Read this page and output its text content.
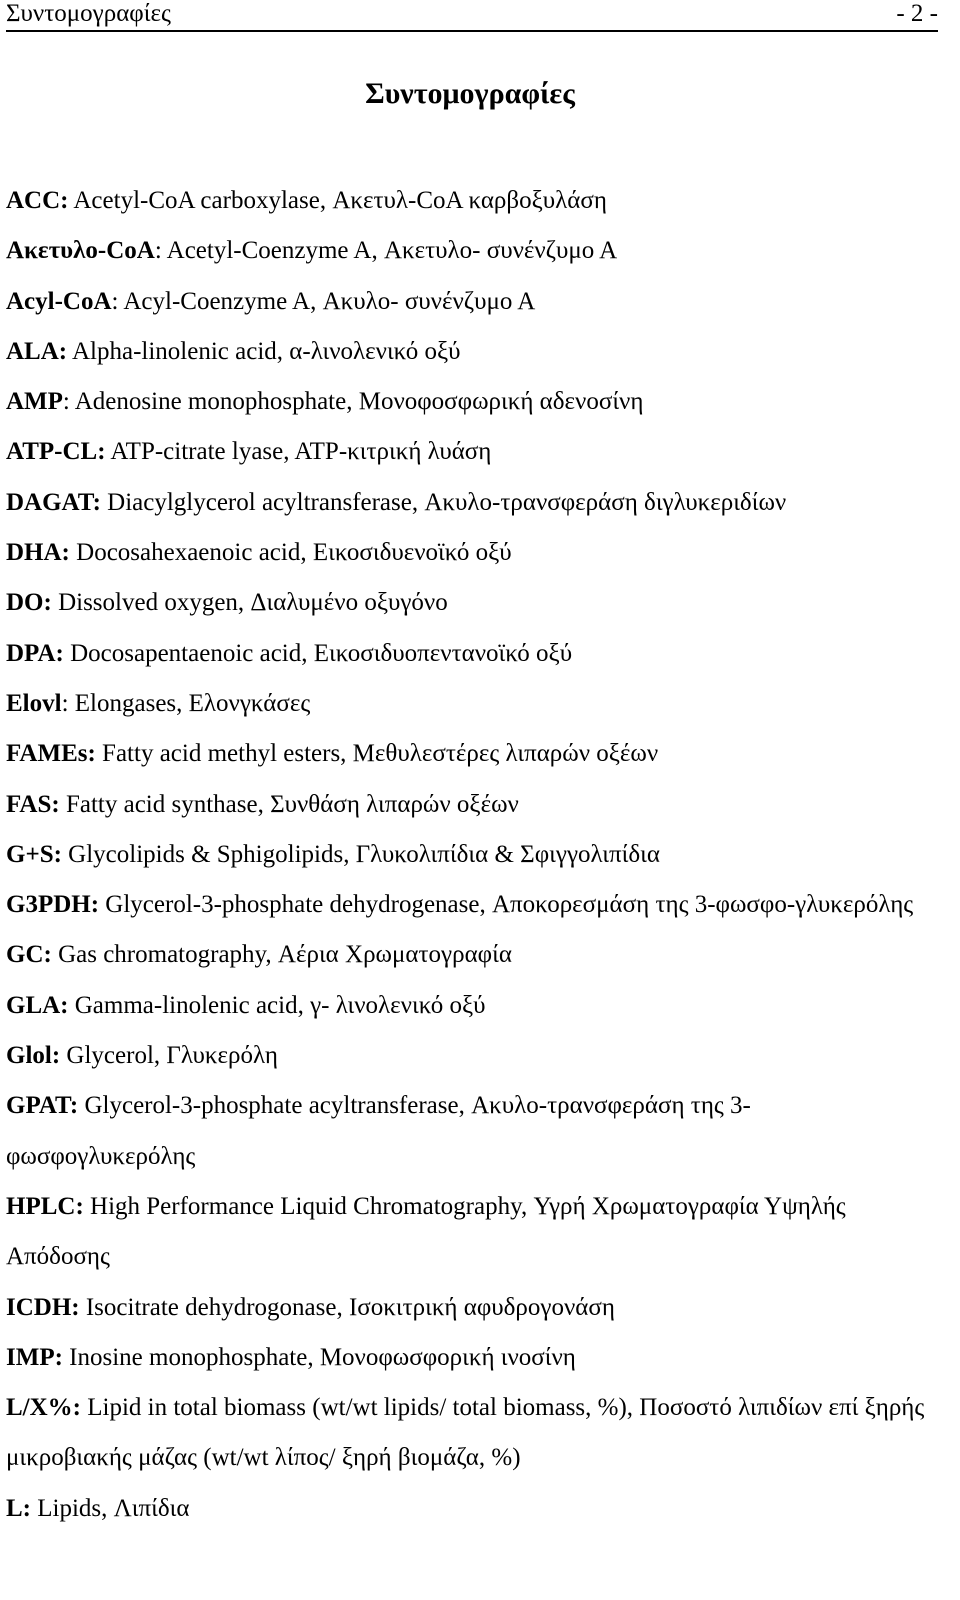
Συντομογραφίες	- 2 -
Συντομογραφίες

ACC: Acetyl-CoA carboxylase, Ακετυλ-CoA καρβοξυλάση

Ακετυλο-CoA: Acetyl-Coenzyme A, Ακετυλο- συνένζυμο Α

Acyl-CoA: Acyl-Coenzyme A, Ακυλο- συνένζυμο Α

ALA: Alpha-linolenic acid, α-λινολενικό οξύ

AMP: Adenosine monophosphate, Μονοφοσφωρική αδενοσίνη

ATP-CL: ATP-citrate lyase, ATP-κιτρική λυάση

DAGAT: Diacylglycerol acyltransferase, Ακυλο-τρανσφεράση διγλυκεριδίων

DHA: Docosahexaenoic acid, Εικοσιδυενοϊκό οξύ

DO: Dissolved oxygen, Διαλυμένο οξυγόνο

DPA: Docosapentaenoic acid, Εικοσιδυοπεντανοϊκό οξύ

Elovl: Elongases, Ελονγκάσες

FAMEs: Fatty acid methyl esters, Μεθυλεστέρες λιπαρών οξέων

FAS: Fatty acid synthase, Συνθάση λιπαρών οξέων

G+S: Glycolipids & Sphigolipids, Γλυκολιπίδια & Σφιγγολιπίδια

G3PDH: Glycerol-3-phosphate dehydrogenase, Αποκορεσμάση της 3-φωσφο-γλυκερόλης

GC: Gas chromatography, Αέρια Χρωματογραφία

GLA: Gamma-linolenic acid, γ- λινολενικό οξύ

Glol: Glycerol, Γλυκερόλη

GPAT: Glycerol-3-phosphate acyltransferase, Ακυλο-τρανσφεράση της 3-φωσφογλυκερόλης

HPLC: High Performance Liquid Chromatography, Υγρή Χρωματογραφία Υψηλής Απόδοσης

ICDH: Isocitrate dehydrogonase, Ισοκιτρική αφυδρογονάση

IMP: Inosine monophosphate, Μονοφωσφορική ινοσίνη

L/X%: Lipid in total biomass (wt/wt lipids/ total biomass, %), Ποσοστό λιπιδίων επί ξηρής μικροβιακής μάζας (wt/wt λίπος/ ξηρή βιομάζα, %)

L: Lipids, Λιπίδια
